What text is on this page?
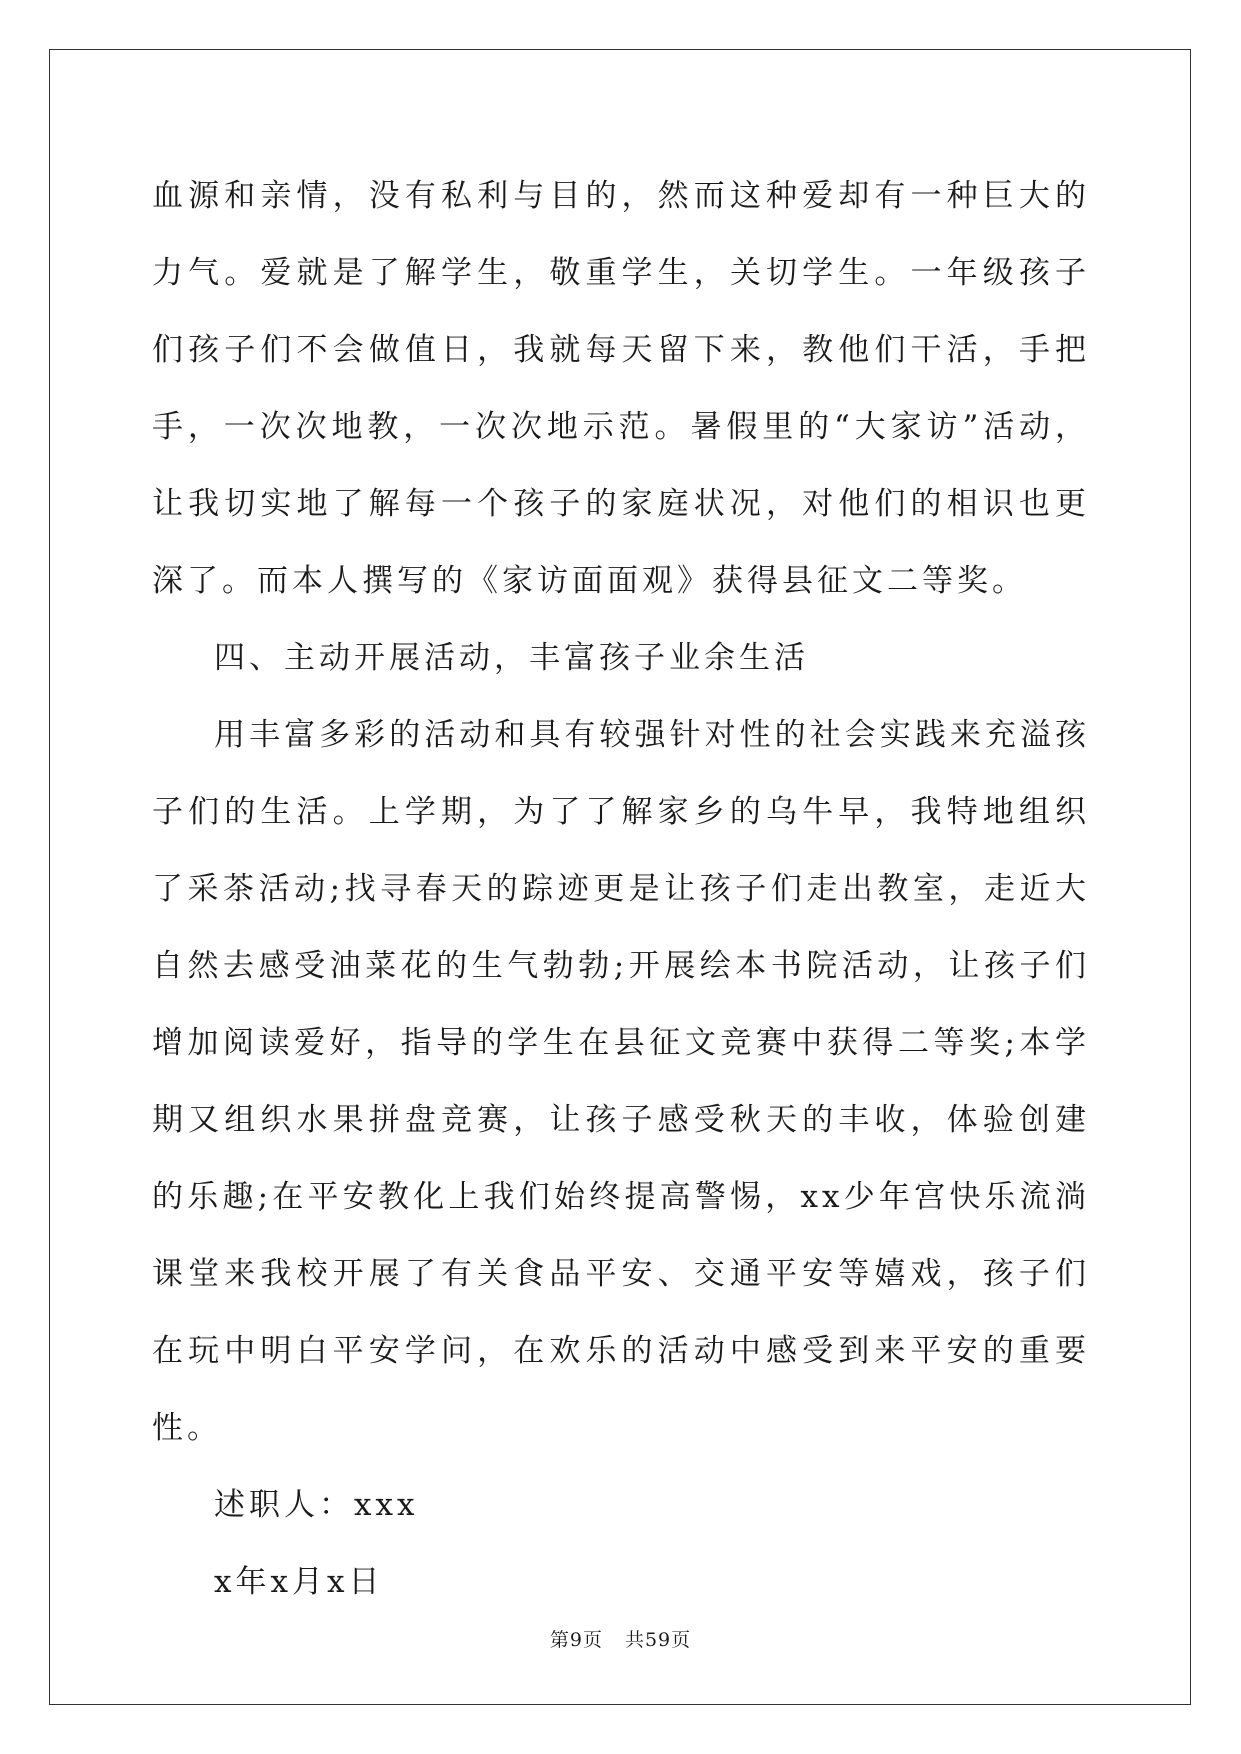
血源和亲情，没有私利与目的，然而这种爱却有一种巨大的力气。爱就是了解学生，敬重学生，关切学生。一年级孩子们孩子们不会做值日，我就每天留下来，教他们干活，手把手，一次次地教，一次次地示范。暑假里的“大家访”活动，让我切实地了解每一个孩子的家庭状况，对他们的相识也更深了。而本人撰写的《家访面面观》获得县征文二等奖。

四、主动开展活动，丰富孩子业余生活

用丰富多彩的活动和具有较强针对性的社会实践来充溢孩子们的生活。上学期，为了了解家乡的乌牛早，我特地组织了采茶活动;找寻春天的踪迹更是让孩子们走出教室，走近大自然去感受油菜花的生气勃勃;开展绘本书院活动，让孩子们增加阅读爱好，指导的学生在县征文竞赛中获得二等奖;本学期又组织水果拼盘竞赛，让孩子感受秋天的丰收，体验创建的乐趣;在平安教化上我们始终提高警惕，xx少年宫快乐流淌课堂来我校开展了有关食品平安、交通平安等嬉戏，孩子们在玩中明白平安学问，在欢乐的活动中感受到来平安的重要性。

述职人：xxx

x年x月x日

第9页 共59页
